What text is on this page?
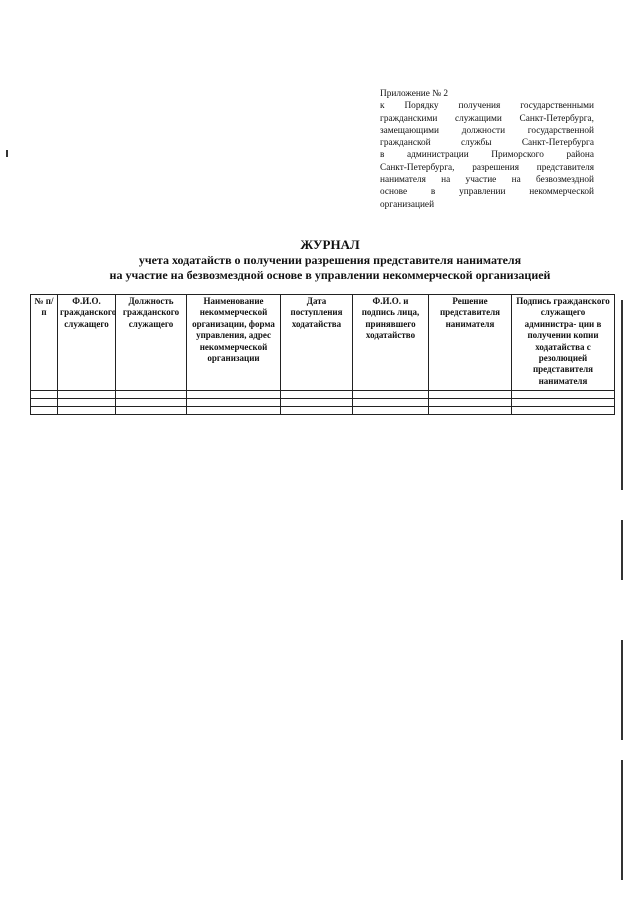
Приложение № 2
к Порядку получения государственными
гражданскими служащими Санкт-Петербурга,
замещающими должности государственной
гражданской службы Санкт-Петербурга
в администрации Приморского района
Санкт-Петербурга, разрешения представителя
нанимателя на участие на безвозмездной
основе в управлении некоммерческой
организацией
ЖУРНАЛ
учета ходатайств о получении разрешения представителя нанимателя
на участие на безвозмездной основе в управлении некоммерческой организацией
№ п/п	Ф.И.О. гражданского служащего	Должность гражданского служащего	Наименование некоммерческой организации, форма управления, адрес некоммерческой организации	Дата поступления ходатайства	Ф.И.О. и подпись лица, принявшего ходатайство	Решение представителя нанимателя	Подпись гражданского служащего администра- ции в получении копии ходатайства с резолюцией представителя нанимателя
